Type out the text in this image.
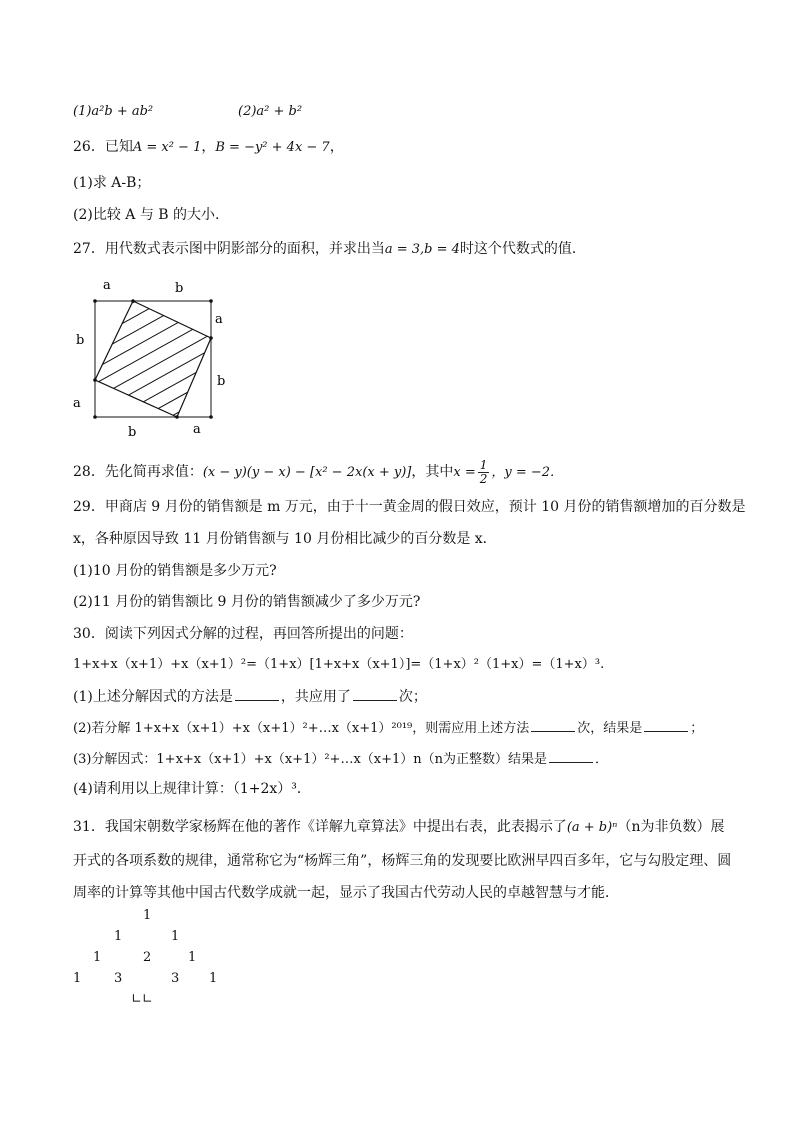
(1)a²b + ab²	(2)a² + b²
26．已知A = x² − 1，B = −y² + 4x − 7，
(1)求 A-B；
(2)比较 A 与 B 的大小.
27．用代数式表示图中阴影部分的面积，并求出当a = 3,b = 4时这个代数式的值．
a	b
a
b
b
a
b	a
28．先化简再求值：(x − y)(y − x) − [x² − 2x(x + y)]，其中$x = \frac{1}{2}$ ，y = −2．
29．甲商店 9 月份的销售额是 m 万元，由于十一黄金周的假日效应，预计 10 月份的销售额增加的百分数是
x，各种原因导致 11 月份销售额与 10 月份相比减少的百分数是 x．
(1)10 月份的销售额是多少万元?
(2)11 月份的销售额比 9 月份的销售额减少了多少万元?
30．阅读下列因式分解的过程，再回答所提出的问题：
1+x+x（x+1）+x（x+1）²=（1+x）[1+x+x（x+1）]=（1+x）²（1+x）=（1+x）³.
(1)上述分解因式的方法是	，共应用了	次；
(2)若分解 1+x+x（x+1）+x（x+1）²+…x（x+1）²⁰¹⁹，则需应用上述方法	次，结果是	；
(3)分解因式：1+x+x（x+1）+x（x+1）²+…x（x+1）n（n为正整数）结果是	．
(4)请利用以上规律计算：（1+2x）³．
31．我国宋朝数学家杨辉在他的著作《详解九章算法》中提出右表，此表揭示了(a + b)ⁿ（n为非负数）展
开式的各项系数的规律，通常称它为“杨辉三角”，杨辉三角的发现要比欧洲早四百多年，它与勾股定理、圆
周率的计算等其他中国古代数学成就一起，显示了我国古代劳动人民的卓越智慧与才能．
1
1	1
1	2	1
1	3	3 1
∟∟
